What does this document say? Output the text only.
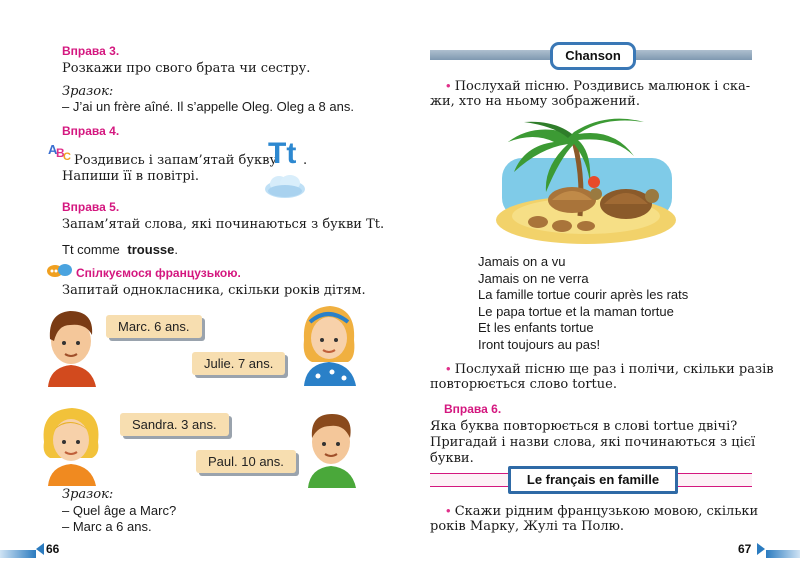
Вправа 3.
Розкажи про свого брата чи сестру.
Зразок:
– J’ai un frère aîné. Il s’appelle Oleg. Oleg a 8 ans.
Вправа 4.
A
B
C Роздивись і запам’ятай букву
Tt .
Напиши її в повітрі.
Вправа 5.
Запам’ятай слова, які починаються з букви Tt.
Tt comme trousse.
Спілкуємося французькою.
Запитай однокласника, скільки років дітям.
Marc. 6 ans.
Julie. 7 ans.
Sandra. 3 ans.
Paul. 10 ans.
Зразок:
– Quel âge a Marc?
– Marc a 6 ans.
66
Chanson
• Послухай пісню. Роздивись малюнок і ска-
жи, хто на ньому зображений.
Jamais on a vu
Jamais on ne verra
La famille tortue courir après les rats
Le papa tortue et la maman tortue
Et les enfants tortue
Iront toujours au pas!
• Послухай пісню ще раз і полічи, скільки разів
повторюється слово tortue.
Вправа 6.
Яка буква повторюється в слові tortue двічі?
Пригадай і назви слова, які починаються з цієї
букви.
Le français en famille
• Скажи рідним французькою мовою, скільки
років Марку, Жулі та Полю.
67
